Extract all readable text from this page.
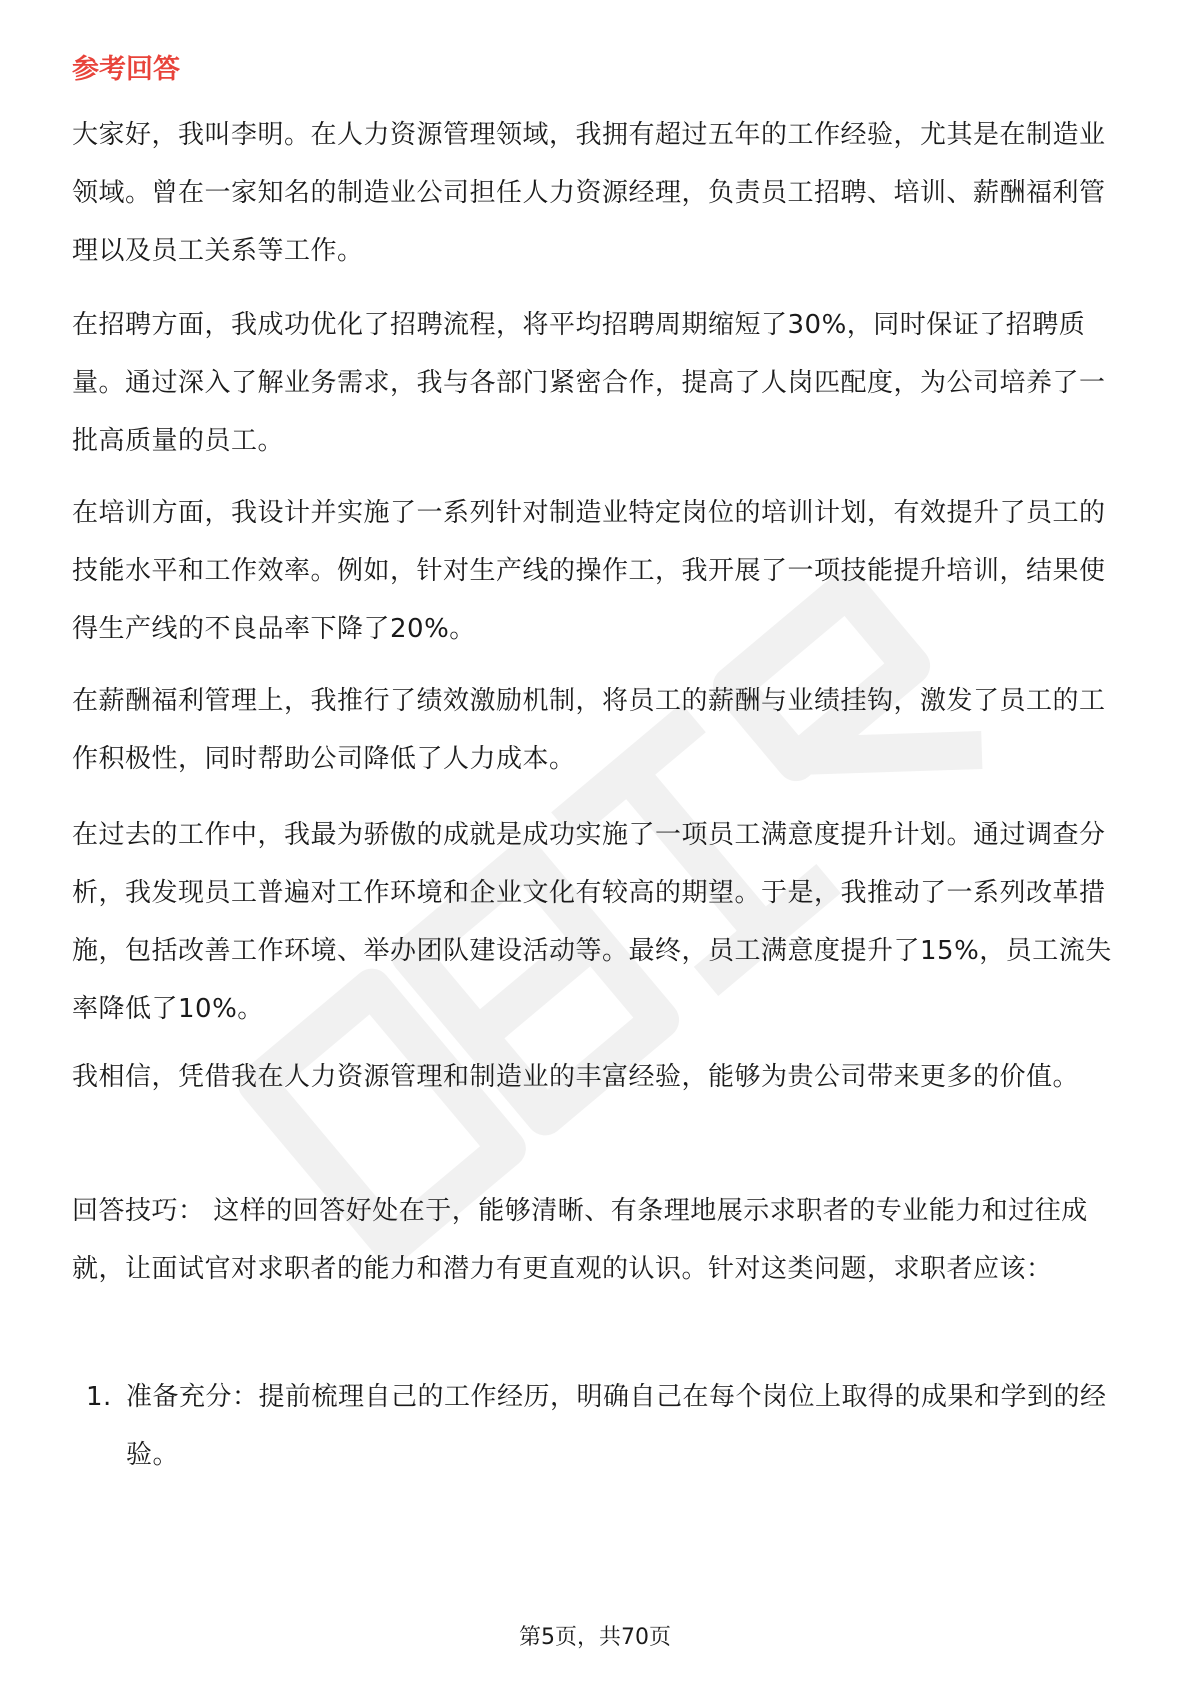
参考回答

大家好，我叫李明。在人力资源管理领域，我拥有超过五年的工作经验，尤其是在制造业领域。曾在一家知名的制造业公司担任人力资源经理，负责员工招聘、培训、薪酬福利管理以及员工关系等工作。

在招聘方面，我成功优化了招聘流程，将平均招聘周期缩短了30%，同时保证了招聘质量。通过深入了解业务需求，我与各部门紧密合作，提高了人岗匹配度，为公司培养了一批高质量的员工。

在培训方面，我设计并实施了一系列针对制造业特定岗位的培训计划，有效提升了员工的技能水平和工作效率。例如，针对生产线的操作工，我开展了一项技能提升培训，结果使得生产线的不良品率下降了20%。

在薪酬福利管理上，我推行了绩效激励机制，将员工的薪酬与业绩挂钩，激发了员工的工作积极性，同时帮助公司降低了人力成本。

在过去的工作中，我最为骄傲的成就是成功实施了一项员工满意度提升计划。通过调查分析，我发现员工普遍对工作环境和企业文化有较高的期望。于是，我推动了一系列改革措施，包括改善工作环境、举办团队建设活动等。最终，员工满意度提升了15%，员工流失率降低了10%。

我相信，凭借我在人力资源管理和制造业的丰富经验，能够为贵公司带来更多的价值。

回答技巧： 这样的回答好处在于，能够清晰、有条理地展示求职者的专业能力和过往成就，让面试官对求职者的能力和潜力有更直观的认识。针对这类问题，求职者应该：

1. 准备充分：提前梳理自己的工作经历，明确自己在每个岗位上取得的成果和学到的经验。
第5页，共70页
